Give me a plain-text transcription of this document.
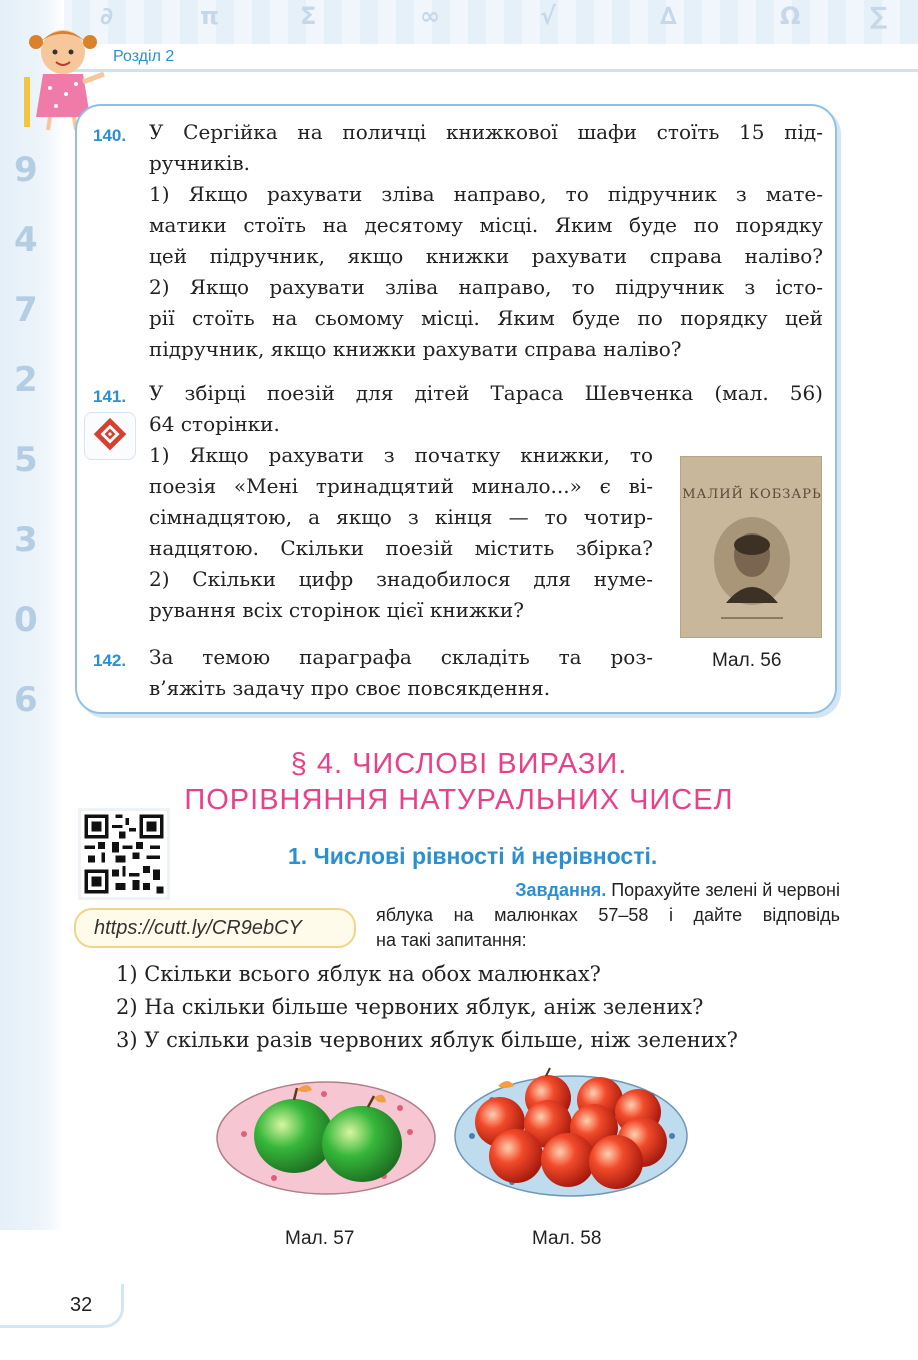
∂	π	Σ	∞	√	∆	Ω	∑
9
4
7
2
5
3
0
6
Розділ 2
140. У Сергійка на поличці книжкової шафи стоїть 15 під-
ручників.
1) Якщо рахувати зліва направо, то підручник з мате-
матики стоїть на десятому місці. Яким буде по порядку
цей підручник, якщо книжки рахувати справа наліво?
2) Якщо рахувати зліва направо, то підручник з істо-
рії стоїть на сьомому місці. Яким буде по порядку цей
підручник, якщо книжки рахувати справа наліво?
141. У збірці поезій для дітей Тараса Шевченка (мал. 56)
64 сторінки.
1) Якщо рахувати з початку книжки, то
поезія «Мені тринадцятий минало...» є ві-
сімнадцятою, а якщо з кінця — то чотир-
надцятою. Скільки поезій містить збірка?
2) Скільки цифр знадобилося для нуме-
рування всіх сторінок цієї книжки?
142. За темою параграфа складіть та роз-
в’яжіть задачу про своє повсякдення.
МАЛИЙ КОБЗАРЬ
Мал. 56
§ 4. ЧИСЛОВІ ВИРАЗИ.
ПОРІВНЯННЯ НАТУРАЛЬНИХ ЧИСЕЛ
https://cutt.ly/CR9ebCY
1. Числові рівності й нерівності.
Завдання. Порахуйте зелені й червоні
яблука на малюнках 57–58 і дайте відповідь
на такі запитання:
1) Скільки всього яблук на обох малюнках?
2) На скільки більше червоних яблук, аніж зелених?
3) У скільки разів червоних яблук більше, ніж зелених?
Мал. 57	Мал. 58
32
